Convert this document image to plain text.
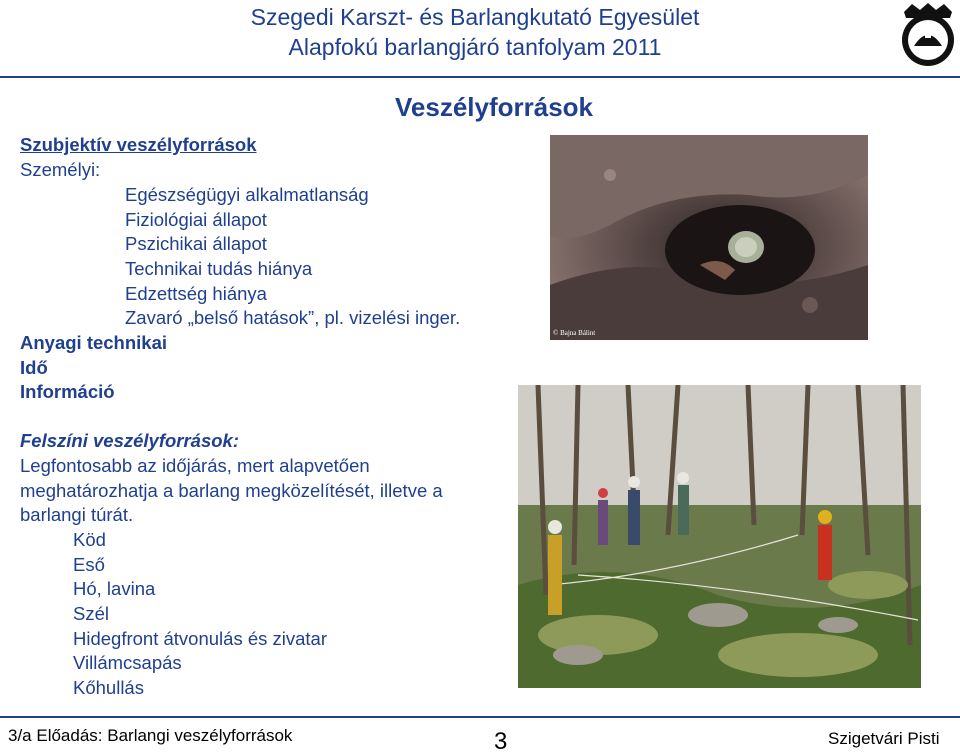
Szegedi Karszt- és Barlangkutató Egyesület
Alapfokú barlangjáró tanfolyam 2011
Veszélyforrások
Szubjektív veszélyforrások
Személyi:
Egészségügyi alkalmatlanság
Fiziológiai állapot
Pszichikai állapot
Technikai tudás hiánya
Edzettség hiánya
Zavaró „belső hatások”, pl. vizelési inger.
Anyagi technikai
Idő
Információ
Felszíni veszélyforrások:
Legfontosabb az időjárás, mert alapvetően
meghatározhatja a barlang megközelítését, illetve a
barlangi túrát.
Köd
Eső
Hó, lavina
Szél
Hidegfront átvonulás és zivatar
Villámcsapás
Kőhullás
© Bajna Bálint
3/a Előadás: Barlangi veszélyforrások	3	Szigetvári Pisti
